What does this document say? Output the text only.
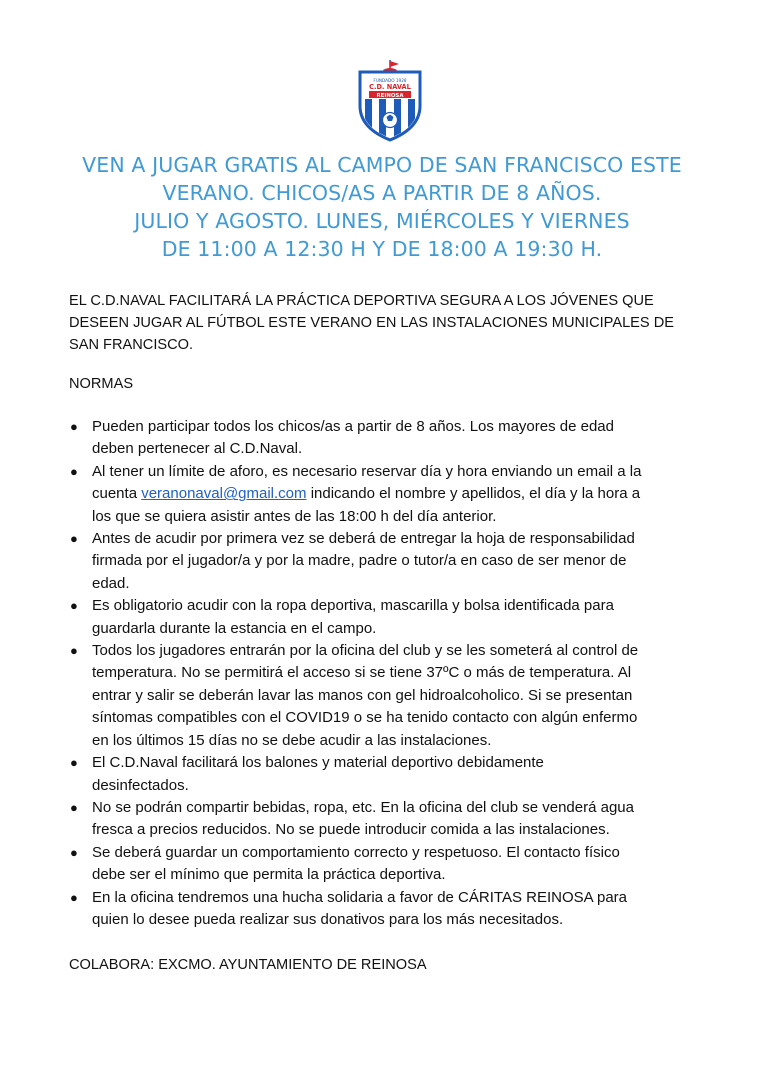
FUNDADO 1928
C.D. NAVAL
REINOSA
VEN A JUGAR GRATIS AL CAMPO DE SAN FRANCISCO ESTE
VERANO. CHICOS/AS A PARTIR DE 8 AÑOS.
JULIO Y AGOSTO. LUNES, MIÉRCOLES Y VIERNES
DE 11:00 A 12:30 H Y DE 18:00 A 19:30 H.

EL C.D.NAVAL FACILITARÁ LA PRÁCTICA DEPORTIVA SEGURA A LOS JÓVENES QUE
DESEEN JUGAR AL FÚTBOL ESTE VERANO EN LAS INSTALACIONES MUNICIPALES DE
SAN FRANCISCO.

NORMAS

● Pueden participar todos los chicos/as a partir de 8 años. Los mayores de edad
deben pertenecer al C.D.Naval.
● Al tener un límite de aforo, es necesario reservar día y hora enviando un email a la
cuenta veranonaval@gmail.com indicando el nombre y apellidos, el día y la hora a
los que se quiera asistir antes de las 18:00 h del día anterior.
● Antes de acudir por primera vez se deberá de entregar la hoja de responsabilidad
firmada por el jugador/a y por la madre, padre o tutor/a en caso de ser menor de
edad.
● Es obligatorio acudir con la ropa deportiva, mascarilla y bolsa identificada para
guardarla durante la estancia en el campo.
● Todos los jugadores entrarán por la oficina del club y se les someterá al control de
temperatura. No se permitirá el acceso si se tiene 37ºC o más de temperatura. Al
entrar y salir se deberán lavar las manos con gel hidroalcoholico. Si se presentan
síntomas compatibles con el COVID19 o se ha tenido contacto con algún enfermo
en los últimos 15 días no se debe acudir a las instalaciones.
● El C.D.Naval facilitará los balones y material deportivo debidamente
desinfectados.
● No se podrán compartir bebidas, ropa, etc. En la oficina del club se venderá agua
fresca a precios reducidos. No se puede introducir comida a las instalaciones.
● Se deberá guardar un comportamiento correcto y respetuoso. El contacto físico
debe ser el mínimo que permita la práctica deportiva.
● En la oficina tendremos una hucha solidaria a favor de CÁRITAS REINOSA para
quien lo desee pueda realizar sus donativos para los más necesitados.

COLABORA: EXCMO. AYUNTAMIENTO DE REINOSA
